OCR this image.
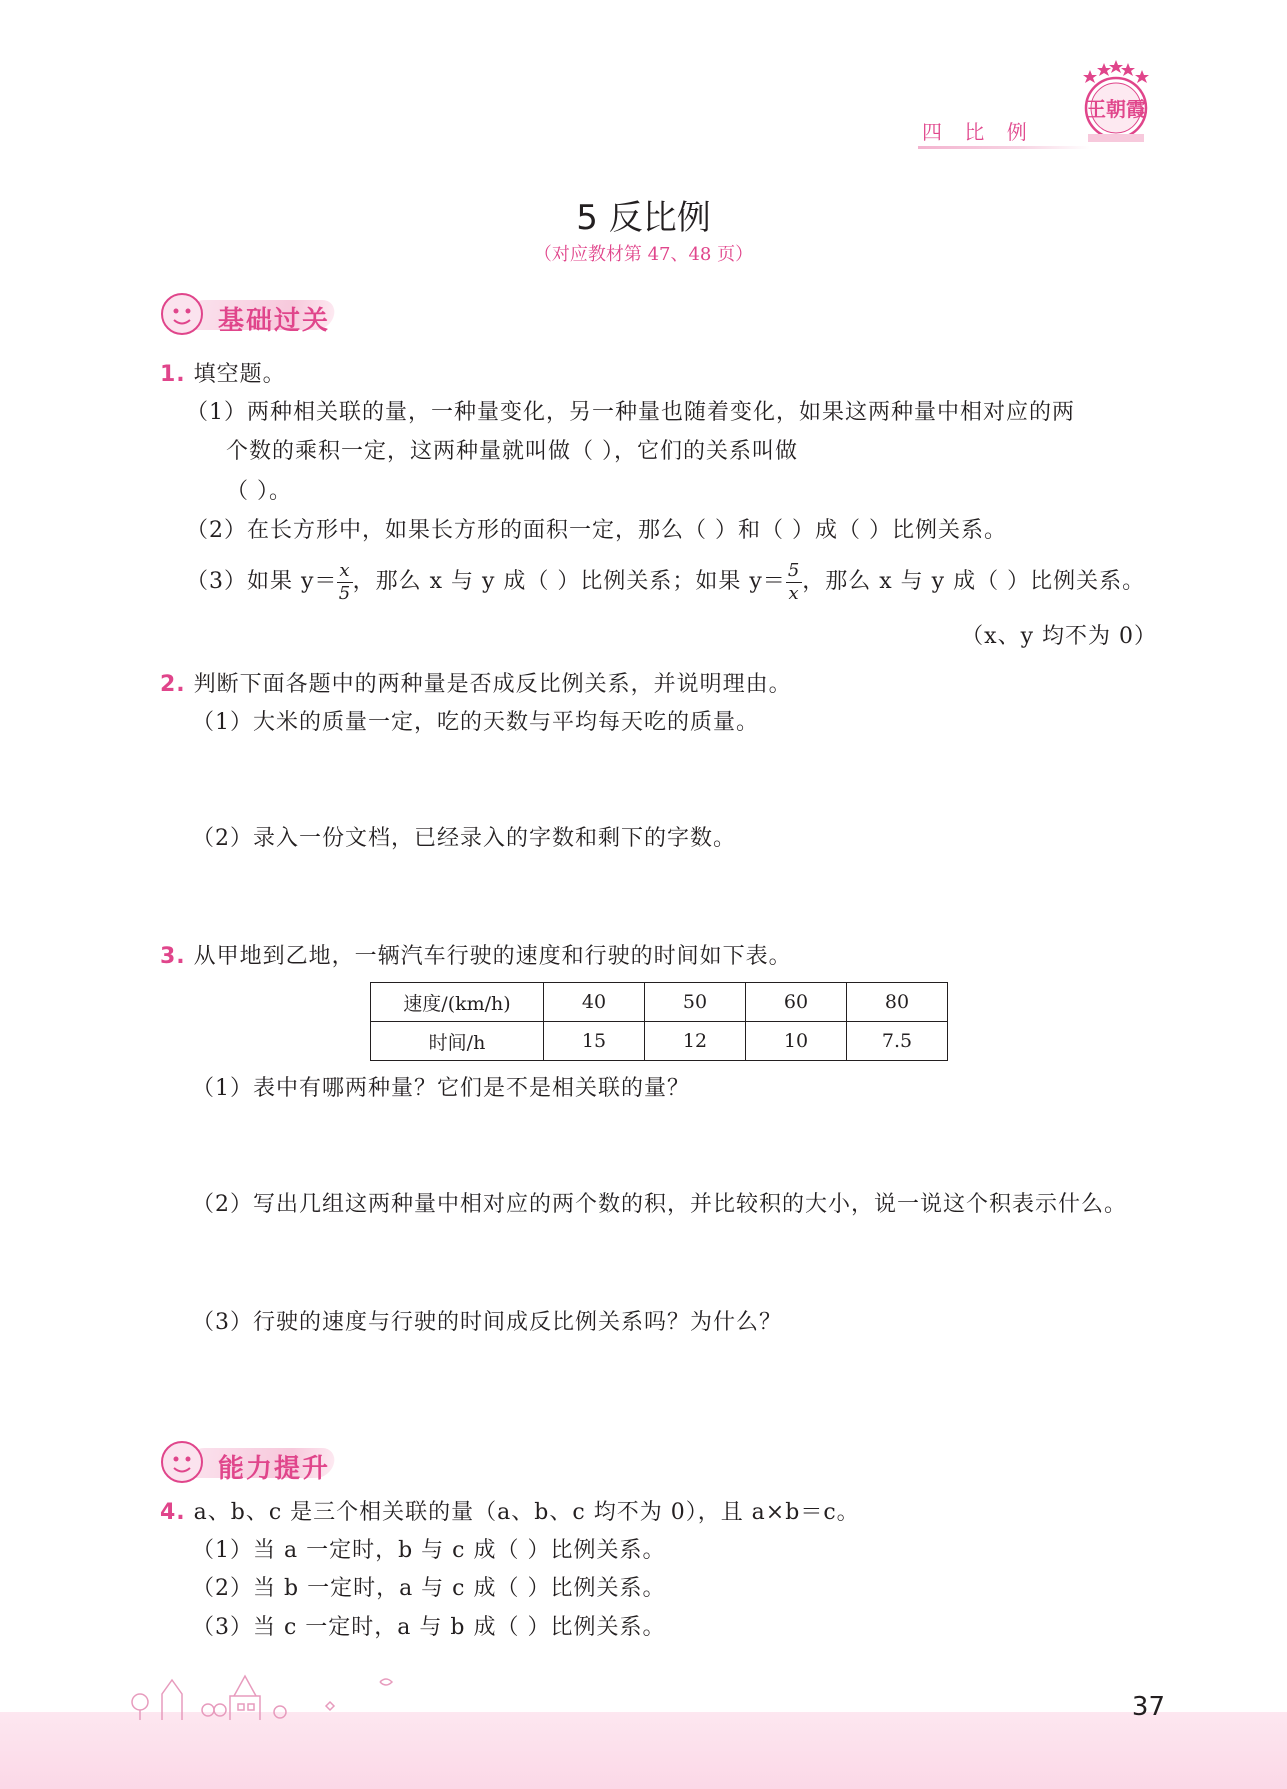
四 比 例
王朝霞
5 反比例
（对应教材第 47、48 页）
基础过关
1. 填空题。
（1）两种相关联的量，一种量变化，另一种量也随着变化，如果这两种量中相对应的两
个数的乘积一定，这两种量就叫做（ ），它们的关系叫做
（ ）。
（2）在长方形中，如果长方形的面积一定，那么（ ）和（ ）成（ ）比例关系。
（3）如果 $y= \frac{x}{5}$ ，那么 x 与 y 成（ ）比例关系；如果 $y= \frac{5}{x}$ ，那么 x 与 y 成（ ）比例关系。
（x、y 均不为 0）
2. 判断下面各题中的两种量是否成反比例关系，并说明理由。
（1）大米的质量一定，吃的天数与平均每天吃的质量。
（2）录入一份文档，已经录入的字数和剩下的字数。
3. 从甲地到乙地，一辆汽车行驶的速度和行驶的时间如下表。
速度/(km/h)	40	50	60	80
时间/h	15	12	10	7.5
（1）表中有哪两种量？它们是不是相关联的量？
（2）写出几组这两种量中相对应的两个数的积，并比较积的大小，说一说这个积表示什么。
（3）行驶的速度与行驶的时间成反比例关系吗？为什么？
能力提升
4. a、b、c 是三个相关联的量（a、b、c 均不为 0），且 a×b＝c。
（1）当 a 一定时，b 与 c 成（ ）比例关系。
（2）当 b 一定时，a 与 c 成（ ）比例关系。
（3）当 c 一定时，a 与 b 成（ ）比例关系。
37
